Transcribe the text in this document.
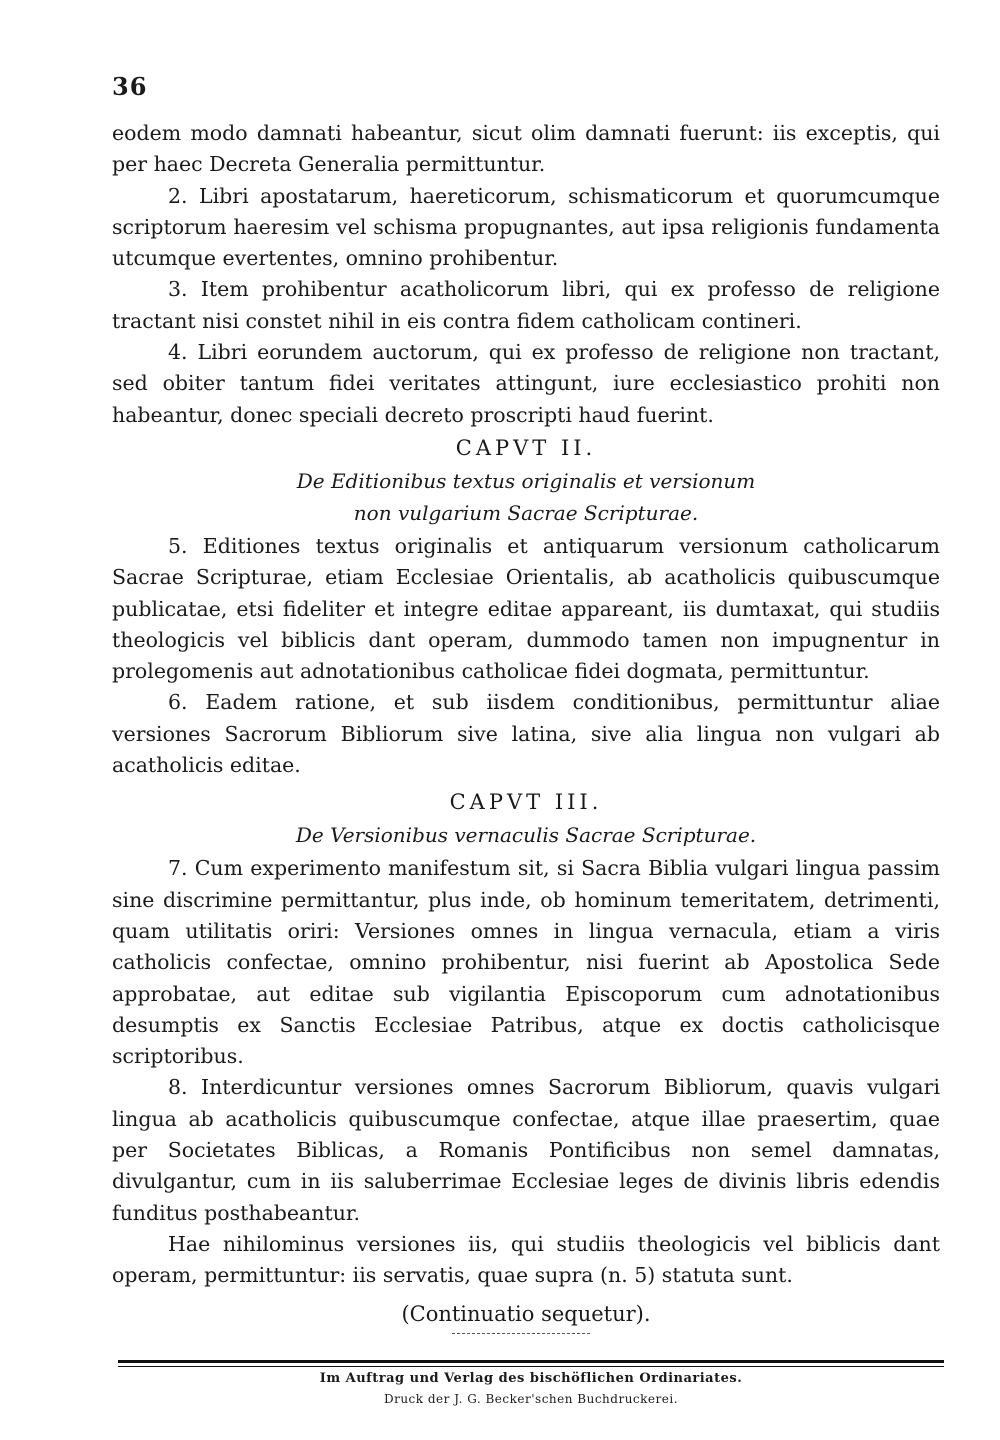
36

eodem modo damnati habeantur, sicut olim damnati fuerunt: iis exceptis, qui per haec Decreta Generalia permittuntur.

2. Libri apostatarum, haereticorum, schismaticorum et quorumcumque scriptorum haeresim vel schisma propugnantes, aut ipsa religionis fundamenta utcumque evertentes, omnino prohibentur.

3. Item prohibentur acatholicorum libri, qui ex professo de religione tractant nisi constet nihil in eis contra fidem catholicam contineri.

4. Libri eorundem auctorum, qui ex professo de religione non tractant, sed obiter tantum fidei veritates attingunt, iure ecclesiastico prohiti non habeantur, donec speciali decreto proscripti haud fuerint.

CAPVT II.

De Editionibus textus originalis et versionum
non vulgarium Sacrae Scripturae.

5. Editiones textus originalis et antiquarum versionum catholicarum Sacrae Scripturae, etiam Ecclesiae Orientalis, ab acatholicis quibuscumque publicatae, etsi fideliter et integre editae appareant, iis dumtaxat, qui studiis theologicis vel biblicis dant operam, dummodo tamen non impugnentur in prolegomenis aut adnotationibus catholicae fidei dogmata, permittuntur.

6. Eadem ratione, et sub iisdem conditionibus, permittuntur aliae versiones Sacrorum Bibliorum sive latina, sive alia lingua non vulgari ab acatholicis editae.

CAPVT III.

De Versionibus vernaculis Sacrae Scripturae.

7. Cum experimento manifestum sit, si Sacra Biblia vulgari lingua passim sine discrimine permittantur, plus inde, ob hominum temeritatem, detrimenti, quam utilitatis oriri: Versiones omnes in lingua vernacula, etiam a viris catholicis confectae, omnino prohibentur, nisi fuerint ab Apostolica Sede approbatae, aut editae sub vigilantia Episcoporum cum adnotationibus desumptis ex Sanctis Ecclesiae Patribus, atque ex doctis catholicisque scriptoribus.

8. Interdicuntur versiones omnes Sacrorum Bibliorum, quavis vulgari lingua ab acatholicis quibuscumque confectae, atque illae praesertim, quae per Societates Biblicas, a Romanis Pontificibus non semel damnatas, divulgantur, cum in iis saluberrimae Ecclesiae leges de divinis libris edendis funditus posthabeantur.

Hae nihilominus versiones iis, qui studiis theologicis vel biblicis dant operam, permittuntur: iis servatis, quae supra (n. 5) statuta sunt.

(Continuatio sequetur).

Im Auftrag und Verlag des bischöflichen Ordinariates.
Druck der J. G. Becker'schen Buchdruckerei.
